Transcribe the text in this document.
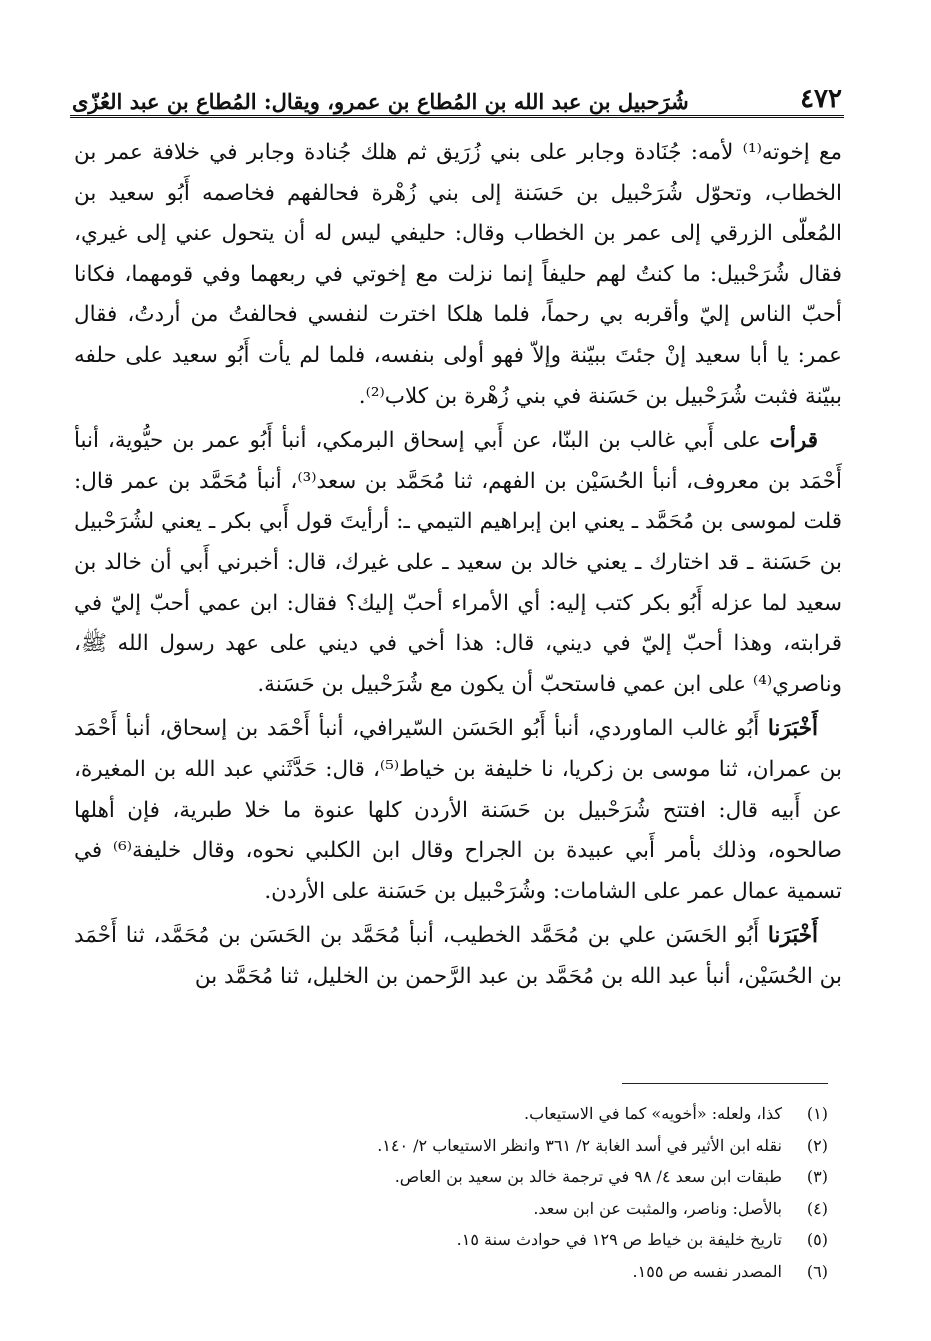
٤٧٢
شُرَحبيل بن عبد الله بن المُطاع بن عمرو، ويقال: المُطاع بن عبد العُزّى

مع إخوته⁽¹⁾ لأمه: جُنَادة وجابر على بني زُرَيق ثم هلك جُنادة وجابر في خلافة عمر بن الخطاب، وتحوّل شُرَحْبيل بن حَسَنة إلى بني زُهْرة فحالفهم فخاصمه أَبُو سعيد بن المُعلّى الزرقي إلى عمر بن الخطاب وقال: حليفي ليس له أن يتحول عني إلى غيري، فقال شُرَحْبيل: ما كنتُ لهم حليفاً إنما نزلت مع إخوتي في ربعهما وفي قومهما، فكانا أحبّ الناس إليّ وأقربه بي رحماً، فلما هلكا اخترت لنفسي فحالفتُ من أردتُ، فقال عمر: يا أبا سعيد إنْ جئتَ ببيّنة وإلاّ فهو أولى بنفسه، فلما لم يأت أَبُو سعيد على حلفه ببيّنة فثبت شُرَحْبيل بن حَسَنة في بني زُهْرة بن كلاب⁽²⁾.

قرأت على أَبي غالب بن البنّا، عن أَبي إسحاق البرمكي، أنبأ أَبُو عمر بن حيُّوية، أنبأ أَحْمَد بن معروف، أنبأ الحُسَيْن بن الفهم، ثنا مُحَمَّد بن سعد⁽³⁾، أنبأ مُحَمَّد بن عمر قال: قلت لموسى بن مُحَمَّد ـ يعني ابن إبراهيم التيمي ـ: أرأيتَ قول أَبي بكر ـ يعني لشُرَحْبيل بن حَسَنة ـ قد اختارك ـ يعني خالد بن سعيد ـ على غيرك، قال: أخبرني أَبي أن خالد بن سعيد لما عزله أَبُو بكر كتب إليه: أي الأمراء أحبّ إليك؟ فقال: ابن عمي أحبّ إليّ في قرابته، وهذا أحبّ إليّ في ديني، قال: هذا أخي في ديني على عهد رسول الله ﷺ، وناصري⁽⁴⁾ على ابن عمي فاستحبّ أن يكون مع شُرَحْبيل بن حَسَنة.

أَخْبَرَنا أَبُو غالب الماوردي، أنبأ أَبُو الحَسَن السّيرافي، أنبأ أَحْمَد بن إسحاق، أنبأ أَحْمَد بن عمران، ثنا موسى بن زكريا، نا خليفة بن خياط⁽⁵⁾، قال: حَدَّثَني عبد الله بن المغيرة، عن أَبيه قال: افتتح شُرَحْبيل بن حَسَنة الأردن كلها عنوة ما خلا طبرية، فإن أهلها صالحوه، وذلك بأمر أَبي عبيدة بن الجراح وقال ابن الكلبي نحوه، وقال خليفة⁽⁶⁾ في تسمية عمال عمر على الشامات: وشُرَحْبيل بن حَسَنة على الأردن.

أَخْبَرَنا أَبُو الحَسَن علي بن مُحَمَّد الخطيب، أنبأ مُحَمَّد بن الحَسَن بن مُحَمَّد، ثنا أَحْمَد بن الحُسَيْن، أنبأ عبد الله بن مُحَمَّد بن عبد الرَّحمن بن الخليل، ثنا مُحَمَّد بن

(١)
كذا، ولعله: «أخويه» كما في الاستيعاب.
(٢)
نقله ابن الأثير في أسد الغابة ٢/ ٣٦١ وانظر الاستيعاب ٢/ ١٤٠.
(٣)
طبقات ابن سعد ٤/ ٩٨ في ترجمة خالد بن سعيد بن العاص.
(٤)
بالأصل: وناصر، والمثبت عن ابن سعد.
(٥)
تاريخ خليفة بن خياط ص ١٢٩ في حوادث سنة ١٥.
(٦)
المصدر نفسه ص ١٥٥.
